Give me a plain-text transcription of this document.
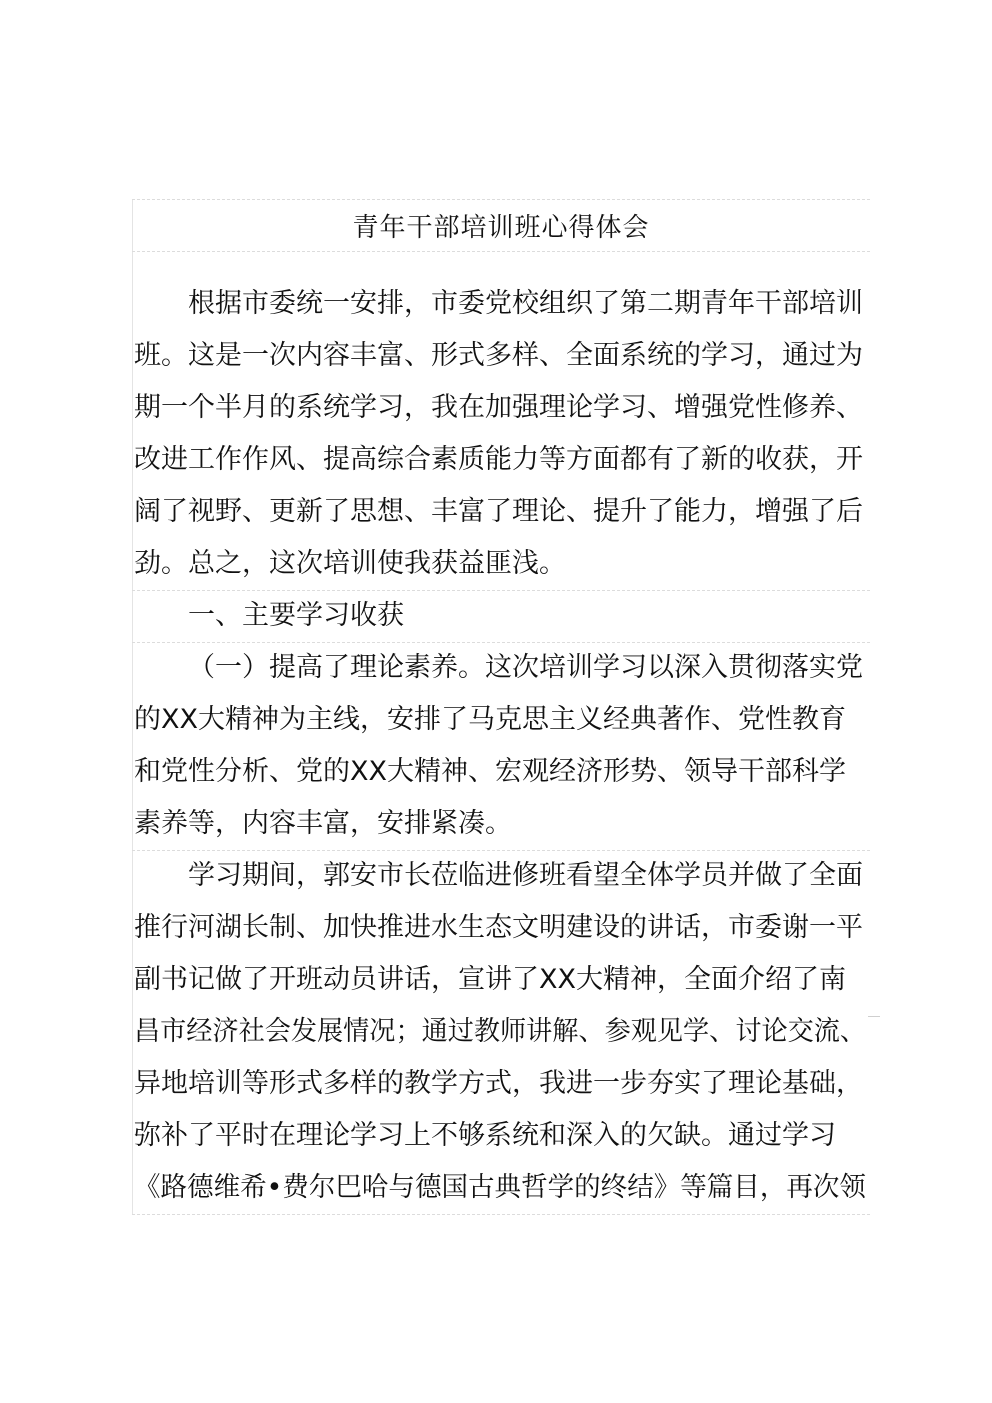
青年干部培训班心得体会
根据市委统一安排，市委党校组织了第二期青年干部培训
班。这是一次内容丰富、形式多样、全面系统的学习，通过为
期一个半月的系统学习，我在加强理论学习、增强党性修养、
改进工作作风、提高综合素质能力等方面都有了新的收获，开
阔了视野、更新了思想、丰富了理论、提升了能力，增强了后
劲。总之，这次培训使我获益匪浅。
一、主要学习收获
（一）提高了理论素养。这次培训学习以深入贯彻落实党
的XX大精神为主线，安排了马克思主义经典著作、党性教育
和党性分析、党的XX大精神、宏观经济形势、领导干部科学
素养等，内容丰富，安排紧凑。
学习期间，郭安市长莅临进修班看望全体学员并做了全面
推行河湖长制、加快推进水生态文明建设的讲话，市委谢一平
副书记做了开班动员讲话，宣讲了XX大精神，全面介绍了南
昌市经济社会发展情况；通过教师讲解、参观见学、讨论交流、
异地培训等形式多样的教学方式，我进一步夯实了理论基础，
弥补了平时在理论学习上不够系统和深入的欠缺。通过学习
《路德维希•费尔巴哈与德国古典哲学的终结》等篇目，再次领
